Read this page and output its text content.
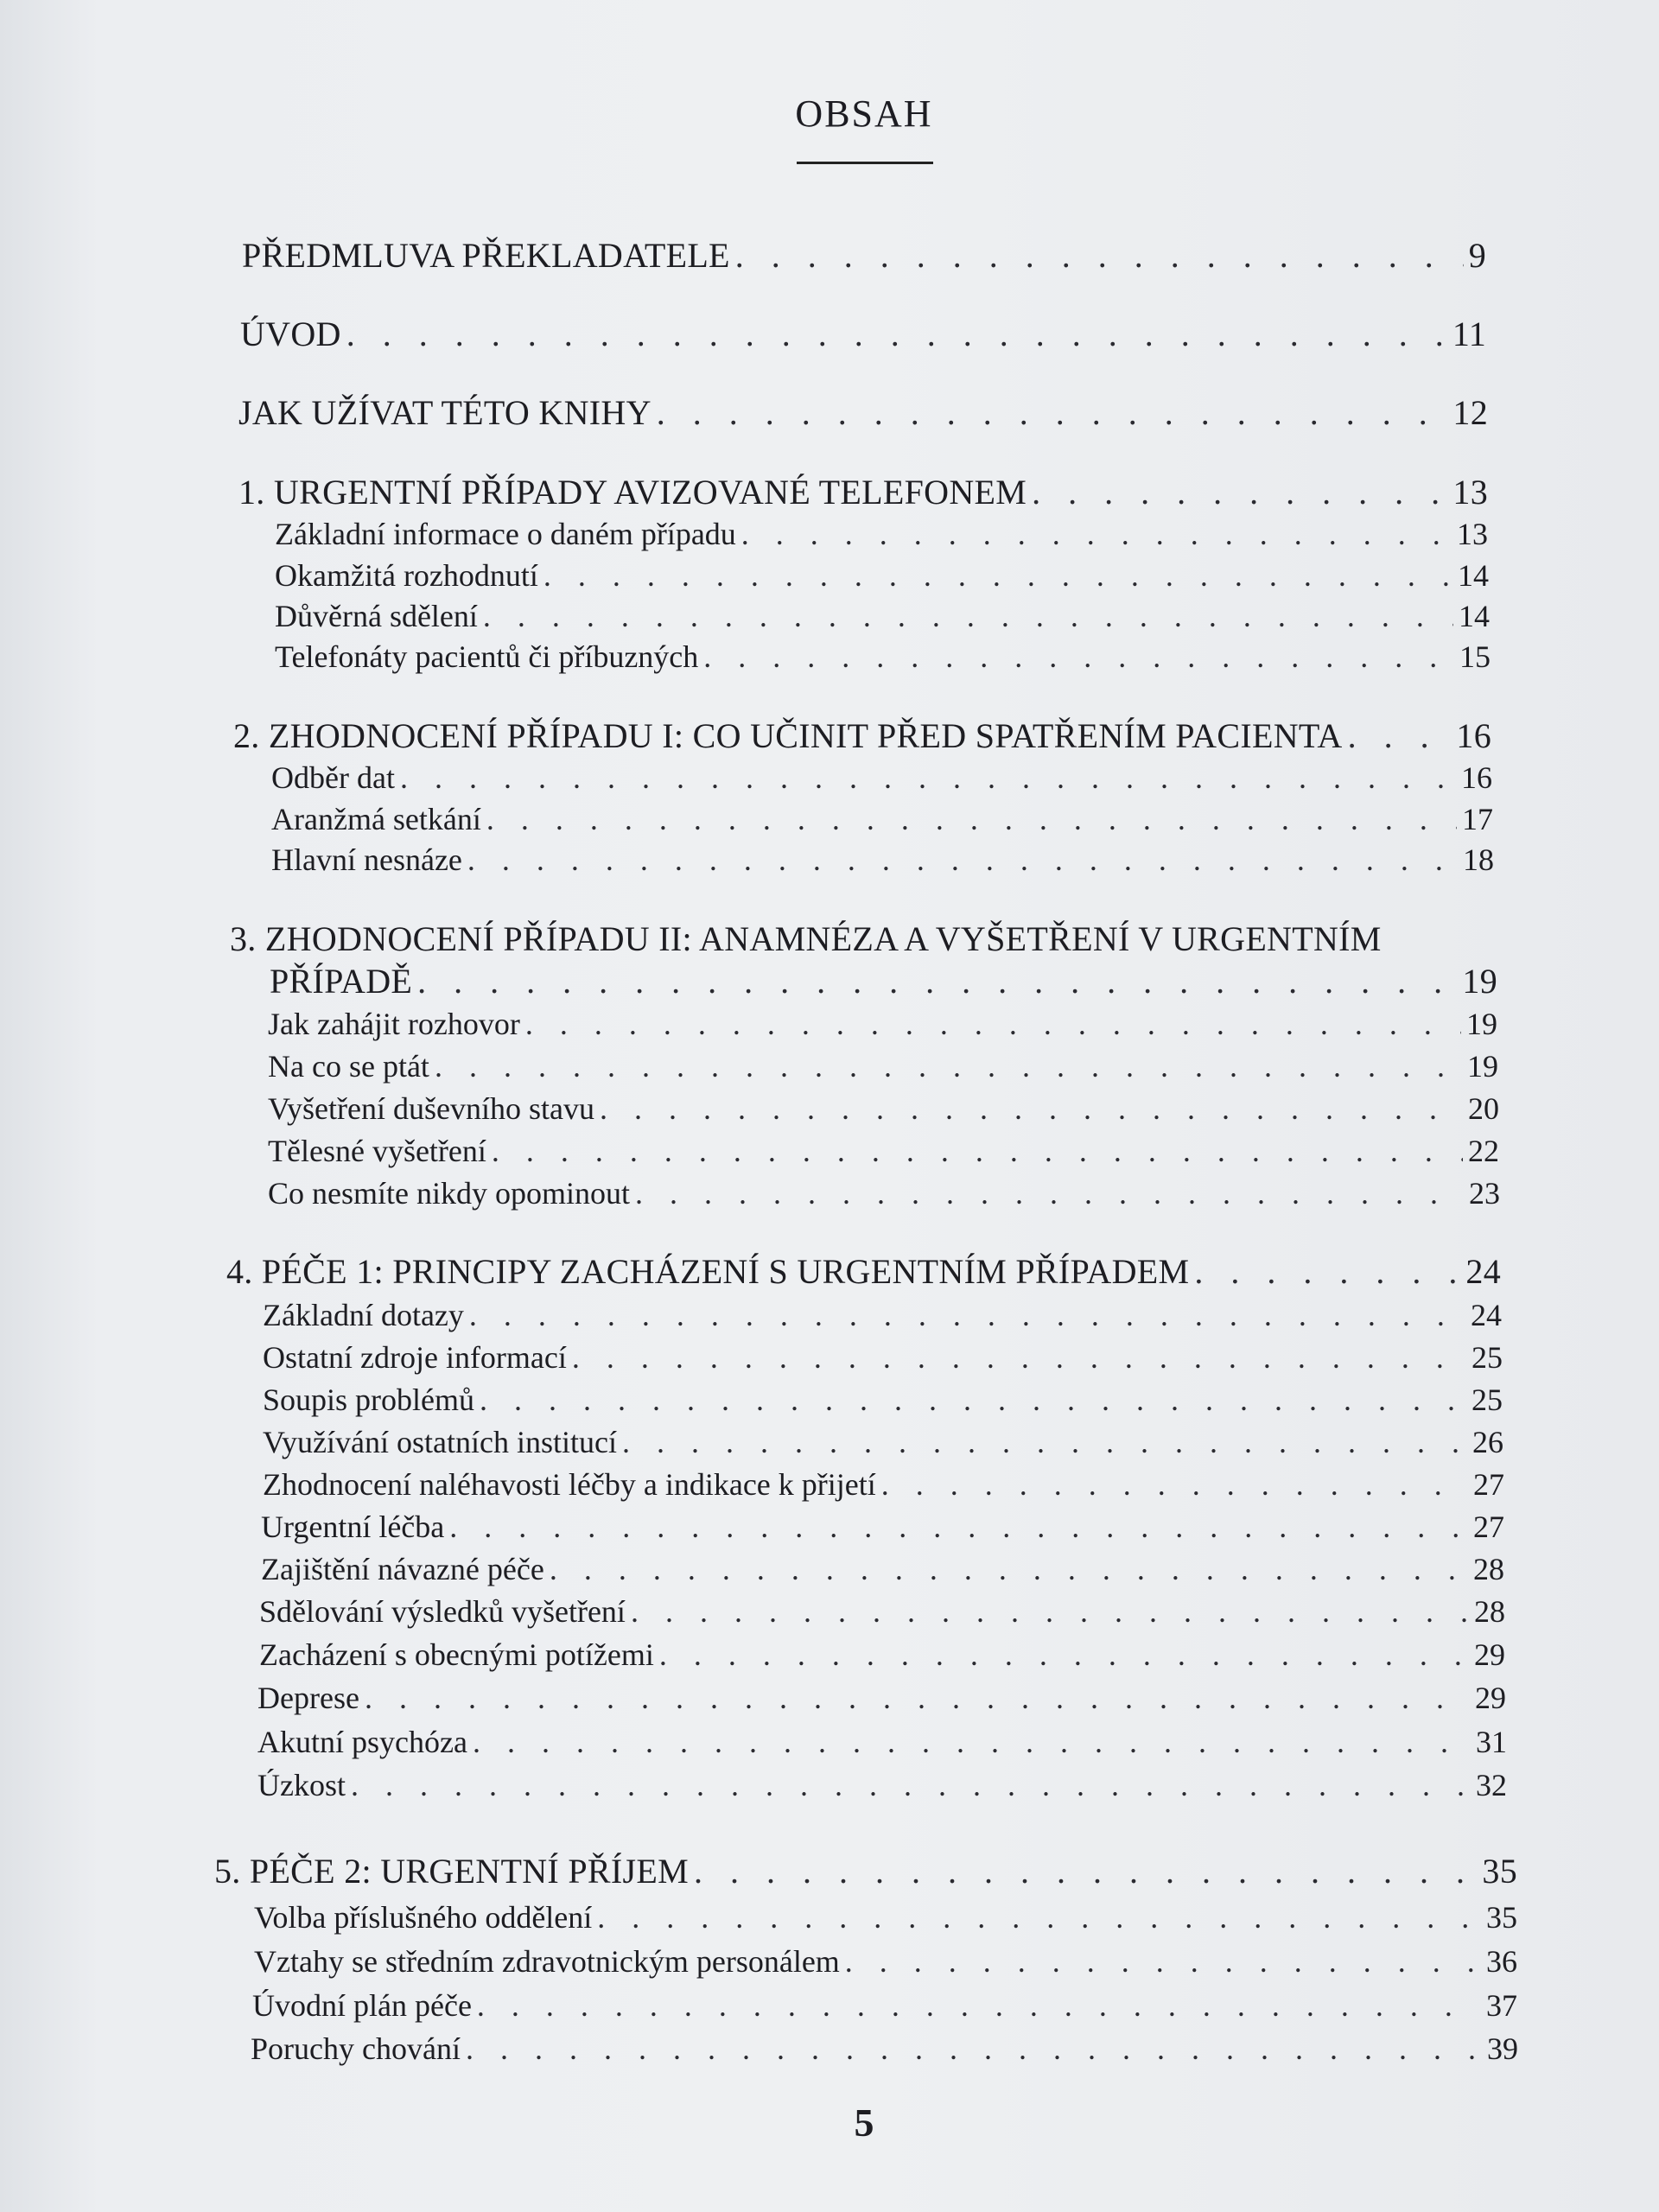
OBSAH
PŘEDMLUVA PŘEKLADATELE . . .	9
ÚVOD . . .	11
JAK UŽÍVAT TÉTO KNIHY . . .	12
1. URGENTNÍ PŘÍPADY AVIZOVANÉ TELEFONEM . . .	13
Základní informace o daném případu . . .	13
Okamžitá rozhodnutí . . .	14
Důvěrná sdělení . . .	14
Telefonáty pacientů či příbuzných . . .	15
2. ZHODNOCENÍ PŘÍPADU I: CO UČINIT PŘED SPATŘENÍM PACIENTA . . .	16
Odběr dat . . .	16
Aranžmá setkání . . .	17
Hlavní nesnáze . . .	18
3. ZHODNOCENÍ PŘÍPADU II: ANAMNÉZA A VYŠETŘENÍ V URGENTNÍM
PŘÍPADĚ . . .	19
Jak zahájit rozhovor . . .	19
Na co se ptát . . .	19
Vyšetření duševního stavu . . .	20
Tělesné vyšetření . . .	22
Co nesmíte nikdy opominout . . .	23
4. PÉČE 1: PRINCIPY ZACHÁZENÍ S URGENTNÍM PŘÍPADEM . . .	24
Základní dotazy . . .	24
Ostatní zdroje informací . . .	25
Soupis problémů . . .	25
Využívání ostatních institucí . . .	26
Zhodnocení naléhavosti léčby a indikace k přijetí . . .	27
Urgentní léčba . . .	27
Zajištění návazné péče . . .	28
Sdělování výsledků vyšetření . . .	28
Zacházení s obecnými potížemi . . .	29
Deprese . . .	29
Akutní psychóza . . .	31
Úzkost . . .	32
5. PÉČE 2: URGENTNÍ PŘÍJEM . . .	35
Volba příslušného oddělení . . .	35
Vztahy se středním zdravotnickým personálem . . .	36
Úvodní plán péče . . .	37
Poruchy chování . . .	39
5
